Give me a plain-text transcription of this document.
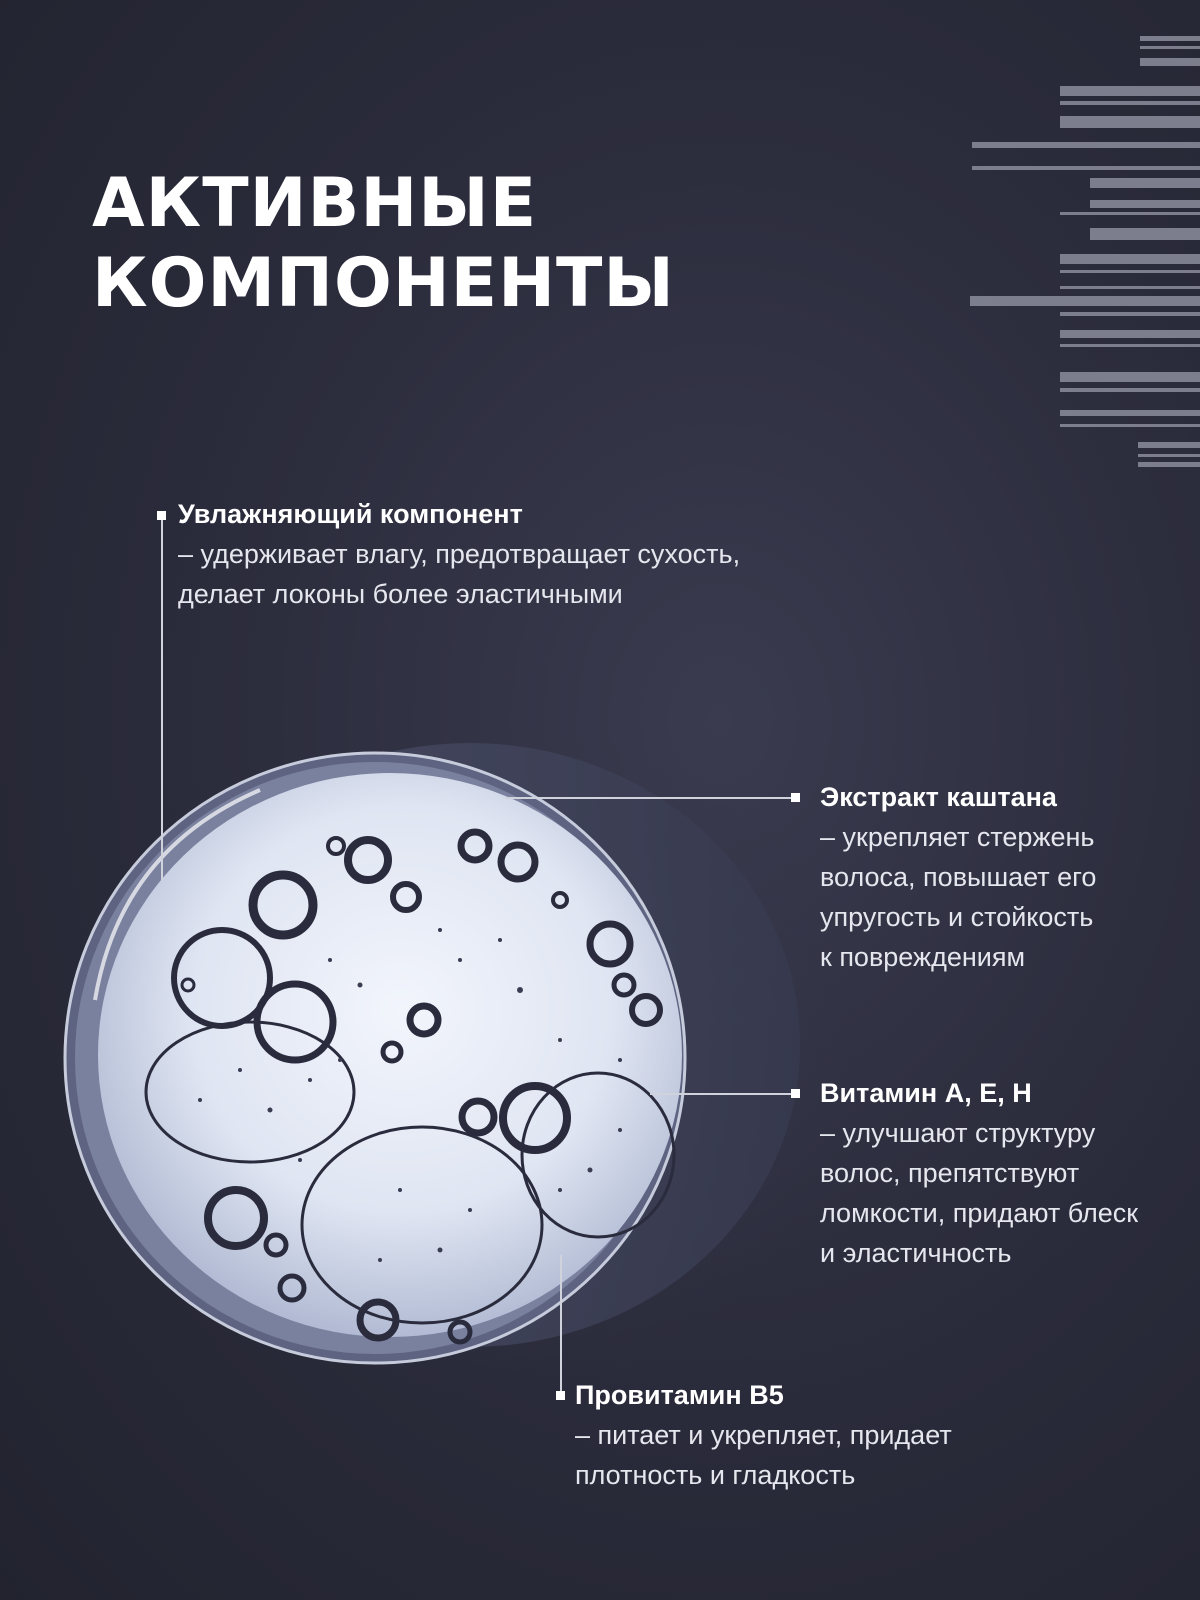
АКТИВНЫЕ
КОМПОНЕНТЫ
Увлажняющий компонент
– удерживает влагу, предотвращает сухость,
делает локоны более эластичными
Экстракт каштана
– укрепляет стержень
волоса, повышает его
упругость и стойкость
к повреждениям
Витамин А, Е, Н
– улучшают структуру
волос, препятствуют
ломкости, придают блеск
и эластичность
Провитамин В5
– питает и укрепляет, придает
плотность и гладкость
